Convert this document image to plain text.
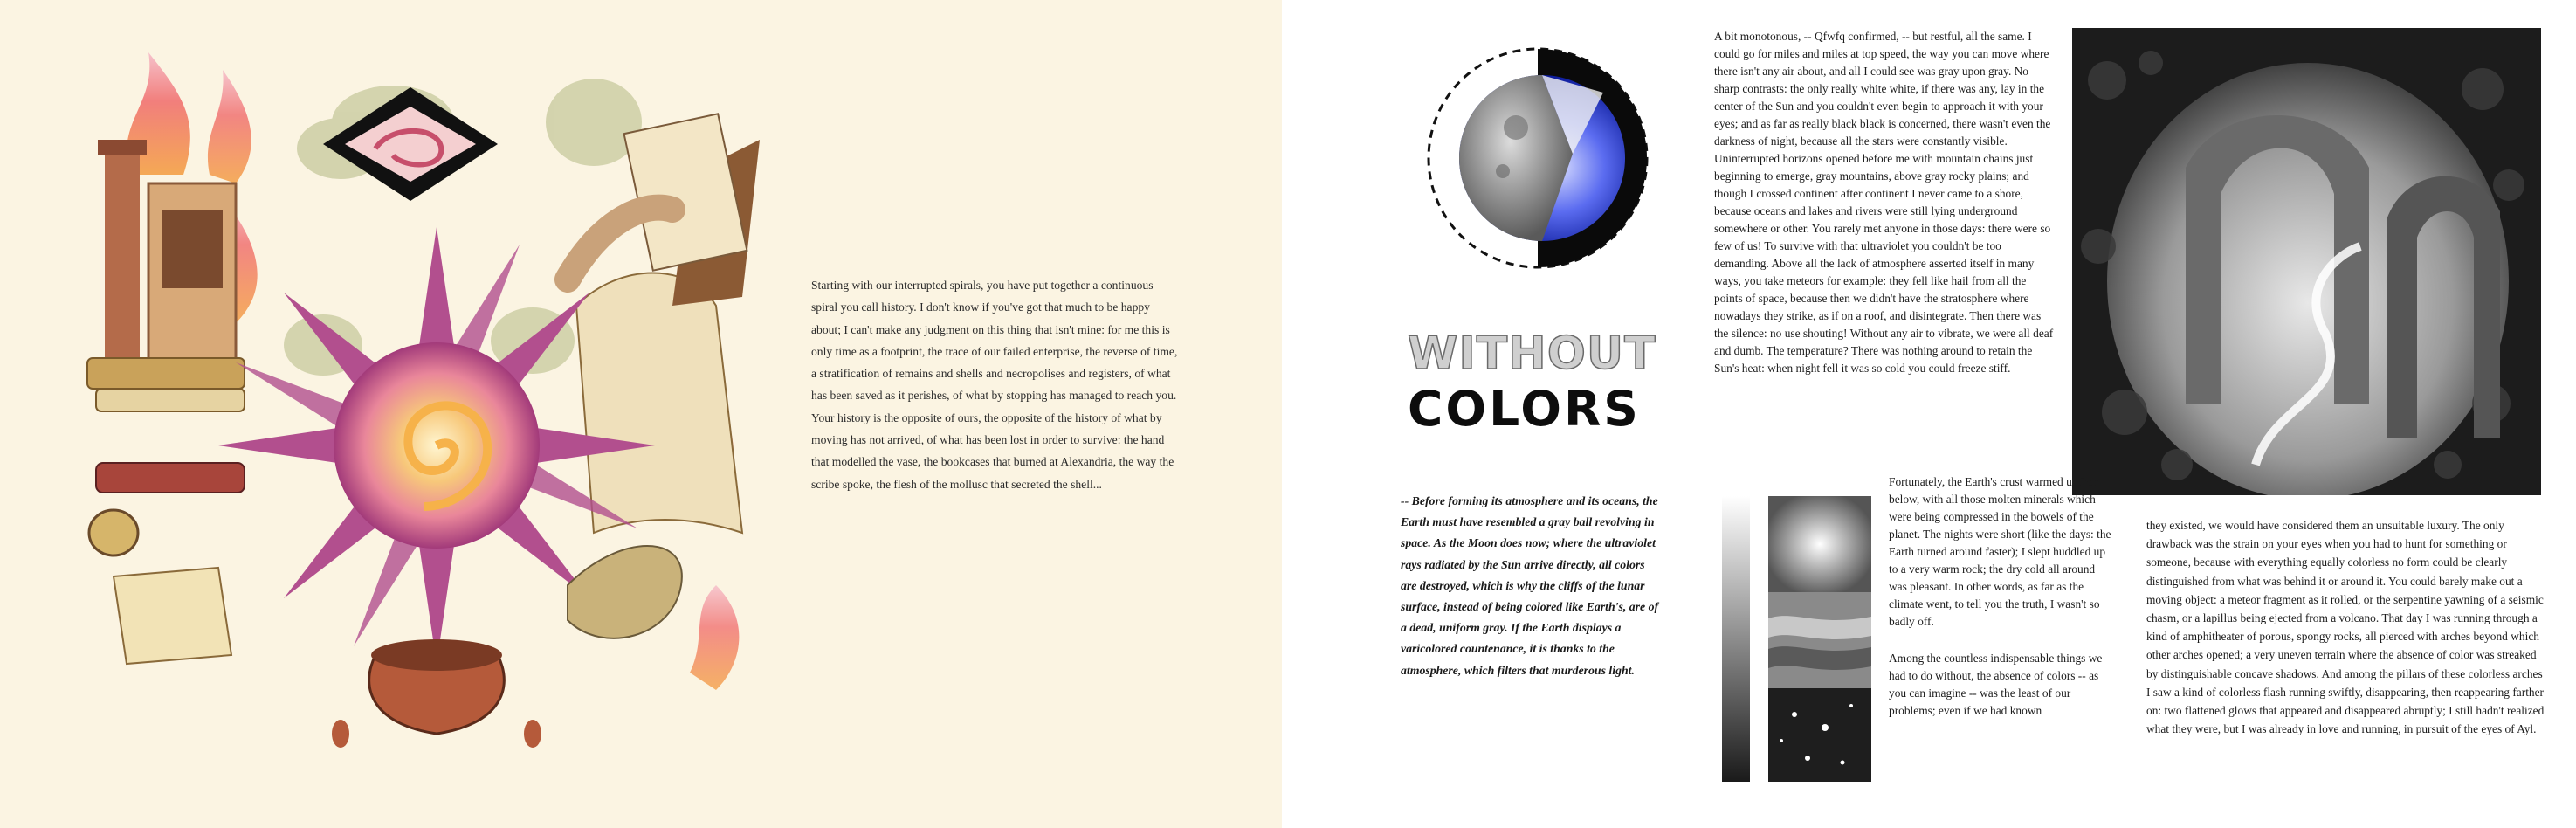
Starting with our interrupted spirals, you have put together a continuous spiral you call history. I don't know if you've got that much to be happy about; I can't make any judgment on this thing that isn't mine: for me this is only time as a footprint, the trace of our failed enterprise, the reverse of time, a stratification of remains and shells and necropolises and registers, of what has been saved as it perishes, of what by stopping has managed to reach you. Your history is the opposite of ours, the opposite of the history of what by moving has not arrived, of what has been lost in order to survive: the hand that modelled the vase, the bookcases that burned at Alexandria, the way the scribe spoke, the flesh of the mollusc that secreted the shell...

WITHOUT
COLORS

-- Before forming its atmosphere and its oceans, the Earth must have resembled a gray ball revolving in space. As the Moon does now; where the ultraviolet rays radiated by the Sun arrive directly, all colors are destroyed, which is why the cliffs of the lunar surface, instead of being colored like Earth's, are of a dead, uniform gray. If the Earth displays a varicolored countenance, it is thanks to the atmosphere, which filters that murderous light.

A bit monotonous, -- Qfwfq confirmed, -- but restful, all the same. I could go for miles and miles at top speed, the way you can move where there isn't any air about, and all I could see was gray upon gray. No sharp contrasts: the only really white white, if there was any, lay in the center of the Sun and you couldn't even begin to approach it with your eyes; and as far as really black black is concerned, there wasn't even the darkness of night, because all the stars were constantly visible. Uninterrupted horizons opened before me with mountain chains just beginning to emerge, gray mountains, above gray rocky plains; and though I crossed continent after continent I never came to a shore, because oceans and lakes and rivers were still lying underground somewhere or other. You rarely met anyone in those days: there were so few of us! To survive with that ultraviolet you couldn't be too demanding. Above all the lack of atmosphere asserted itself in many ways, you take meteors for example: they fell like hail from all the points of space, because then we didn't have the stratosphere where nowadays they strike, as if on a roof, and disintegrate. Then there was the silence: no use shouting! Without any air to vibrate, we were all deaf and dumb. The temperature? There was nothing around to retain the Sun's heat: when night fell it was so cold you could freeze stiff.

Fortunately, the Earth's crust warmed us from below, with all those molten minerals which were being compressed in the bowels of the planet. The nights were short (like the days: the Earth turned around faster); I slept huddled up to a very warm rock; the dry cold all around was pleasant. In other words, as far as the climate went, to tell you the truth, I wasn't so badly off.

Among the countless indispensable things we had to do without, the absence of colors -- as you can imagine -- was the least of our problems; even if we had known

they existed, we would have considered them an unsuitable luxury. The only drawback was the strain on your eyes when you had to hunt for something or someone, because with everything equally colorless no form could be clearly distinguished from what was behind it or around it. You could barely make out a moving object: a meteor fragment as it rolled, or the serpentine yawning of a seismic chasm, or a lapillus being ejected from a volcano. That day I was running through a kind of amphitheater of porous, spongy rocks, all pierced with arches beyond which other arches opened; a very uneven terrain where the absence of color was streaked by distinguishable concave shadows. And among the pillars of these colorless arches I saw a kind of colorless flash running swiftly, disappearing, then reappearing farther on: two flattened glows that appeared and disappeared abruptly; I still hadn't realized what they were, but I was already in love and running, in pursuit of the eyes of Ayl.
